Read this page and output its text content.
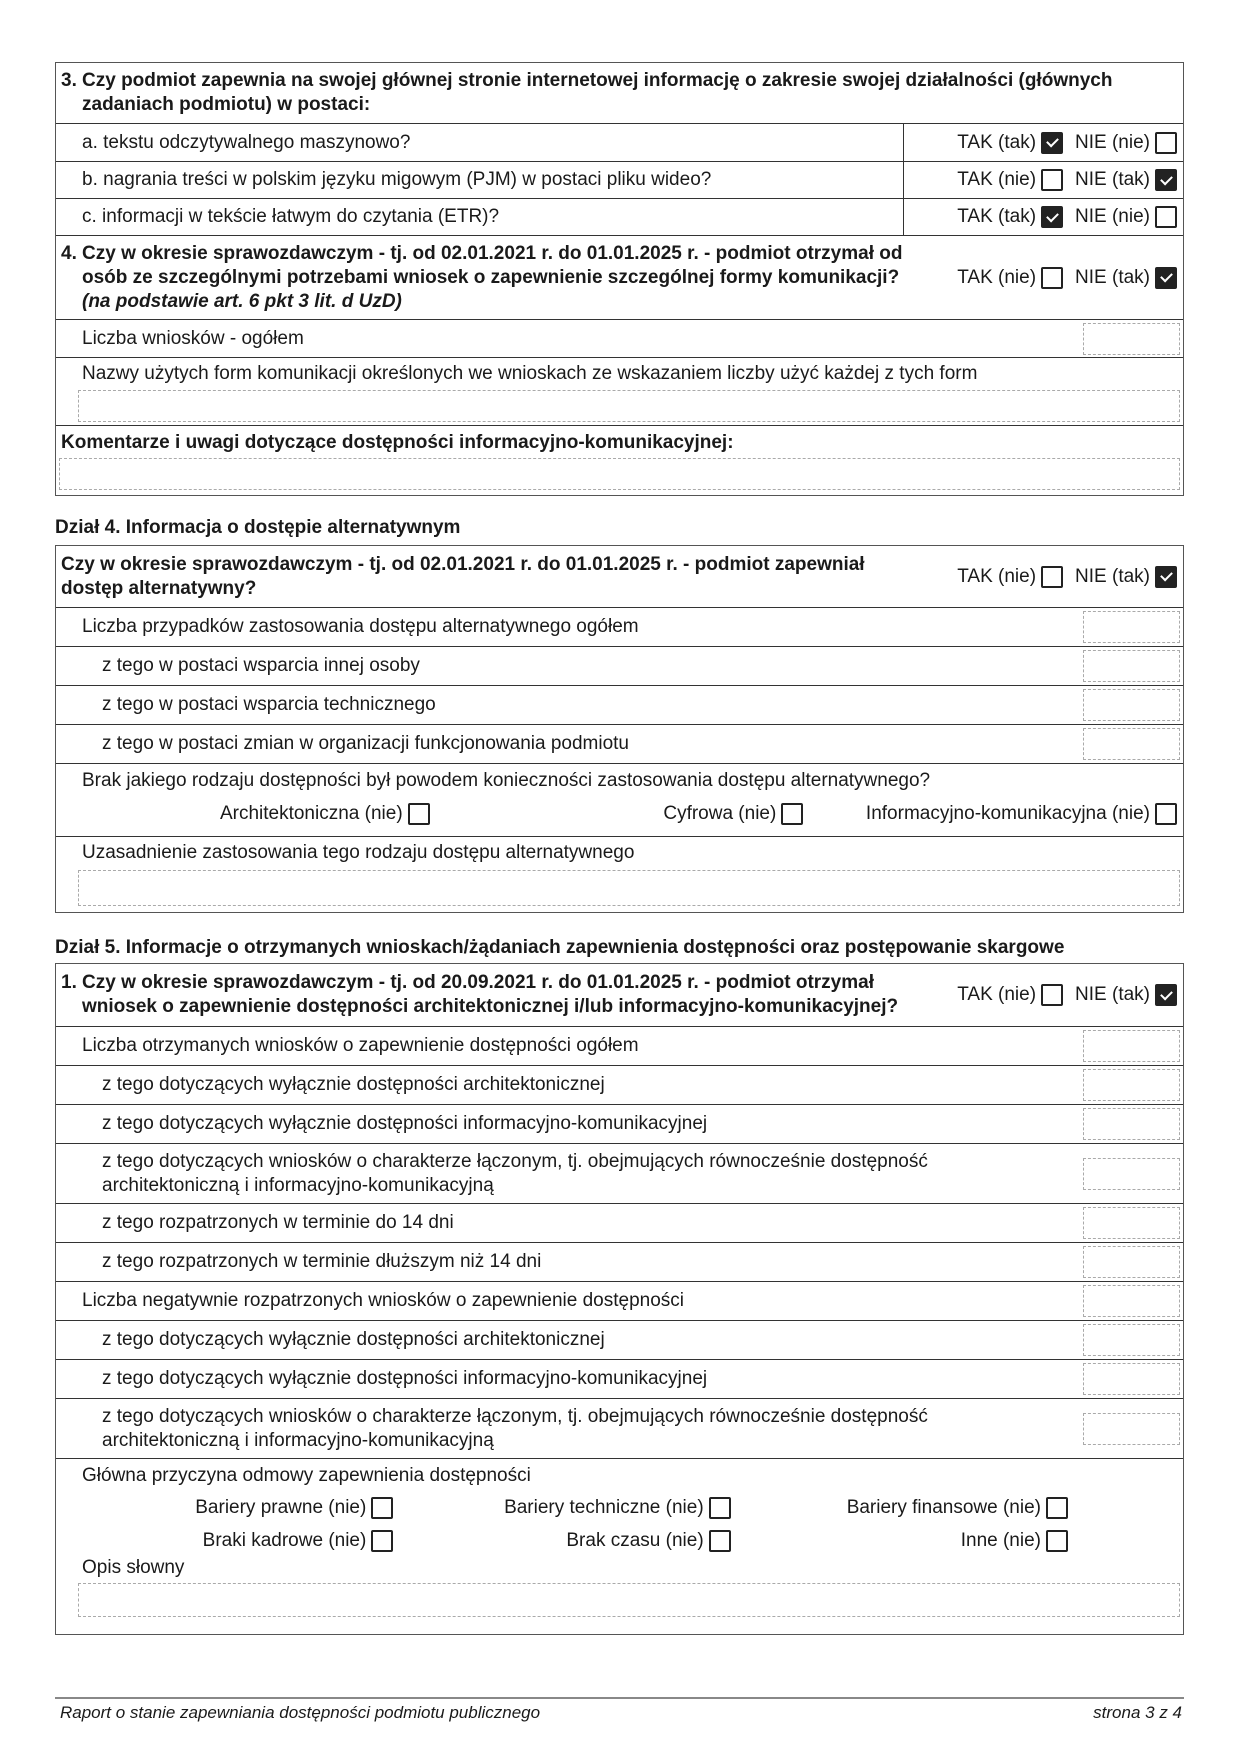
3. Czy podmiot zapewnia na swojej głównej stronie internetowej informację o zakresie swojej działalności (głównych zadaniach podmiotu) w postaci:
a. tekstu odczytywalnego maszynowo?	TAK (tak) NIE (nie)
b. nagrania treści w polskim języku migowym (PJM) w postaci pliku wideo?	TAK (nie) NIE (tak)
c. informacji w tekście łatwym do czytania (ETR)?	TAK (tak) NIE (nie)
4. Czy w okresie sprawozdawczym - tj. od 02.01.2021 r. do 01.01.2025 r. - podmiot otrzymał od osób ze szczególnymi potrzebami wniosek o zapewnienie szczególnej formy komunikacji? (na podstawie art. 6 pkt 3 lit. d UzD)
TAK (nie) NIE (tak)
Liczba wniosków - ogółem
Nazwy użytych form komunikacji określonych we wnioskach ze wskazaniem liczby użyć każdej z tych form
Komentarze i uwagi dotyczące dostępności informacyjno-komunikacyjnej:
Dział 4. Informacja o dostępie alternatywnym
Czy w okresie sprawozdawczym - tj. od 02.01.2021 r. do 01.01.2025 r. - podmiot zapewniał dostęp alternatywny?
TAK (nie) NIE (tak)
Liczba przypadków zastosowania dostępu alternatywnego ogółem
z tego w postaci wsparcia innej osoby
z tego w postaci wsparcia technicznego
z tego w postaci zmian w organizacji funkcjonowania podmiotu
Brak jakiego rodzaju dostępności był powodem konieczności zastosowania dostępu alternatywnego?
Architektoniczna (nie)	Cyfrowa (nie)	Informacyjno-komunikacyjna (nie)
Uzasadnienie zastosowania tego rodzaju dostępu alternatywnego
Dział 5. Informacje o otrzymanych wnioskach/żądaniach zapewnienia dostępności oraz postępowanie skargowe
1. Czy w okresie sprawozdawczym - tj. od 20.09.2021 r. do 01.01.2025 r. - podmiot otrzymał wniosek o zapewnienie dostępności architektonicznej i/lub informacyjno-komunikacyjnej?
TAK (nie) NIE (tak)
Liczba otrzymanych wniosków o zapewnienie dostępności ogółem
z tego dotyczących wyłącznie dostępności architektonicznej
z tego dotyczących wyłącznie dostępności informacyjno-komunikacyjnej
z tego dotyczących wniosków o charakterze łączonym, tj. obejmujących równocześnie dostępność architektoniczną i informacyjno-komunikacyjną
z tego rozpatrzonych w terminie do 14 dni
z tego rozpatrzonych w terminie dłuższym niż 14 dni
Liczba negatywnie rozpatrzonych wniosków o zapewnienie dostępności
z tego dotyczących wyłącznie dostępności architektonicznej
z tego dotyczących wyłącznie dostępności informacyjno-komunikacyjnej
z tego dotyczących wniosków o charakterze łączonym, tj. obejmujących równocześnie dostępność architektoniczną i informacyjno-komunikacyjną
Główna przyczyna odmowy zapewnienia dostępności
Bariery prawne (nie)	Bariery techniczne (nie)	Bariery finansowe (nie)
Braki kadrowe (nie)	Brak czasu (nie)	Inne (nie)
Opis słowny
Raport o stanie zapewniania dostępności podmiotu publicznego	strona 3 z 4
